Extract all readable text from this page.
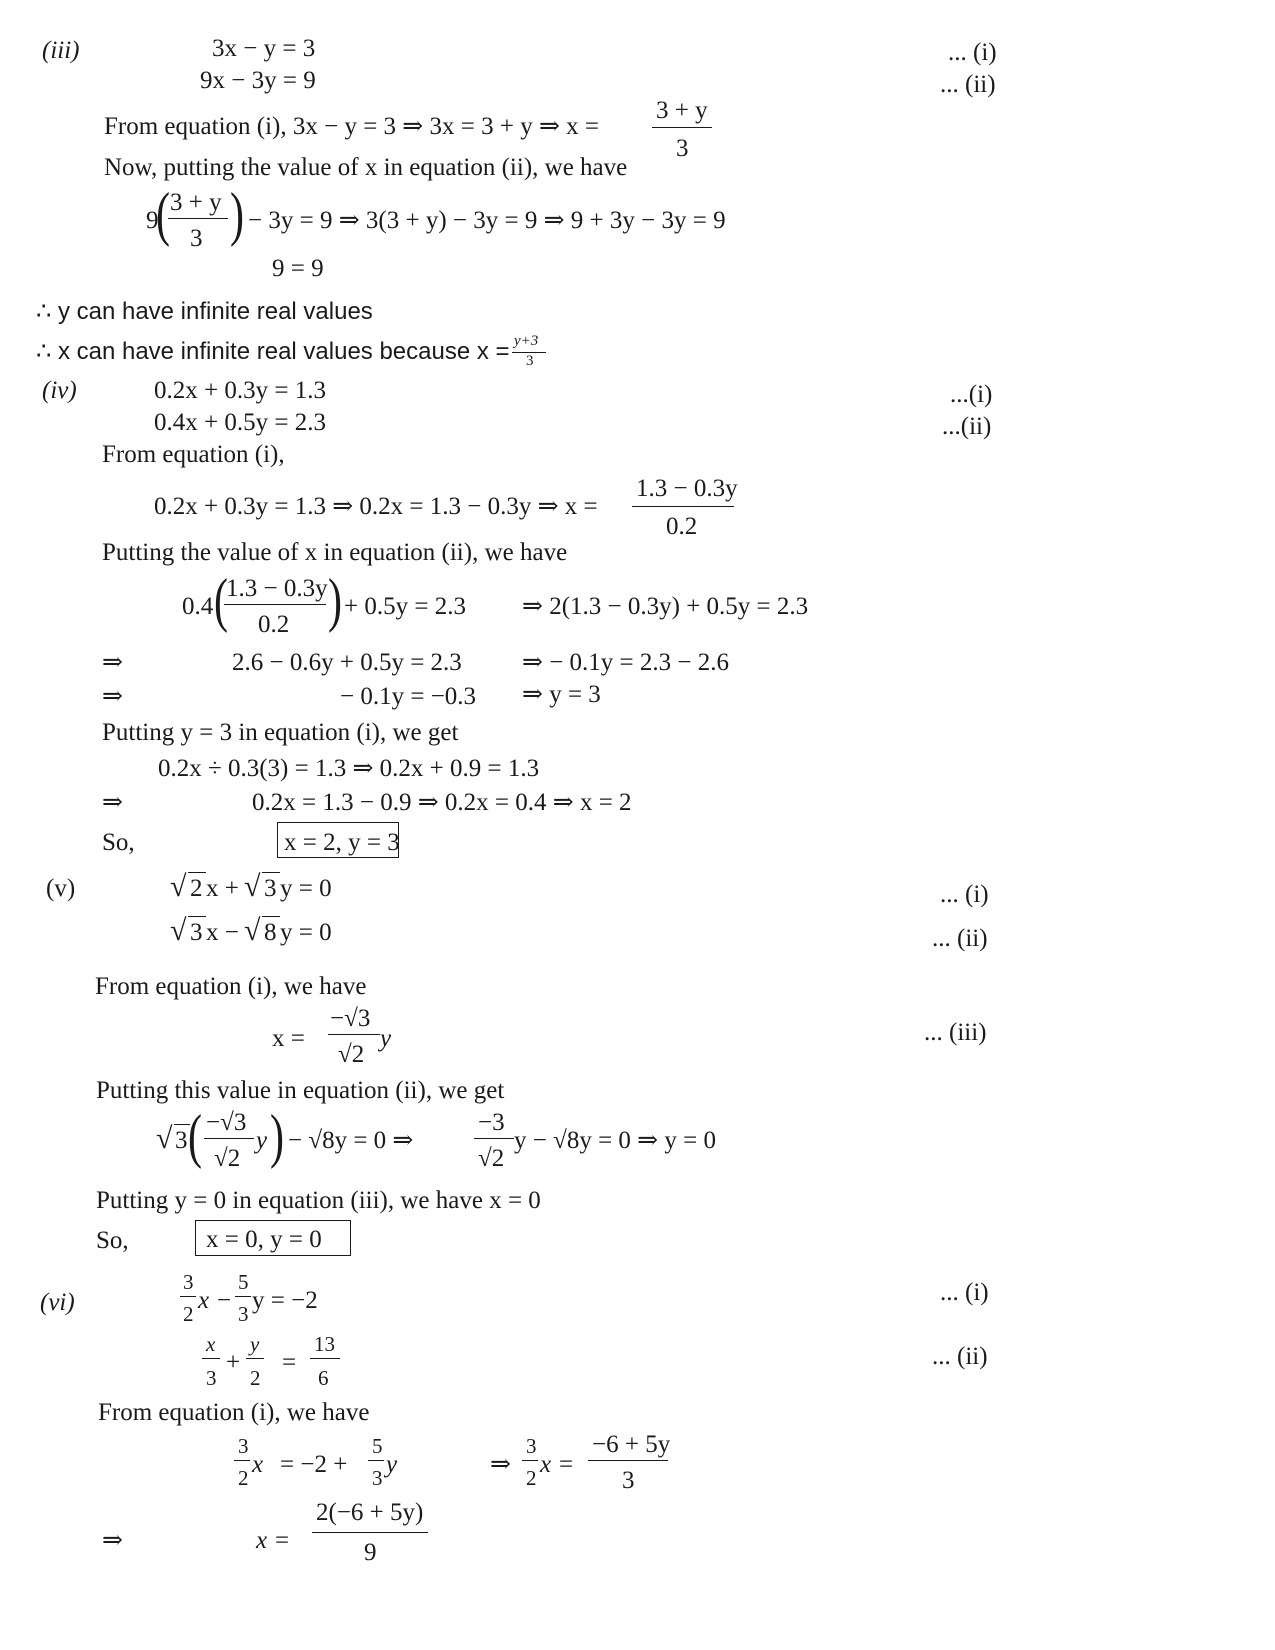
(iii)	3x − y = 3	... (i)
9x − 3y = 9	... (ii)
From equation (i), 3x − y = 3 ⇒ 3x = 3 + y ⇒ x =
3 + y
3
Now, putting the value of x in equation (ii), we have
9
( 3 + y
3 ) − 3y = 9 ⇒ 3(3 + y) − 3y = 9 ⇒ 9 + 3y − 3y = 9
9 = 9
∴ y can have infinite real values
∴ x can have infinite real values because x = y+3
3
(iv)	0.2x + 0.3y = 1.3	...(i)
0.4x + 0.5y = 2.3	...(ii)
From equation (i),
0.2x + 0.3y = 1.3 ⇒ 0.2x = 1.3 − 0.3y ⇒ x =
1.3 − 0.3y
0.2
Putting the value of x in equation (ii), we have
0.4 (
1.3 − 0.3y
0.2 ) + 0.5y = 2.3 ⇒ 2(1.3 − 0.3y) + 0.5y = 2.3
⇒	2.6 − 0.6y + 0.5y = 2.3 ⇒ − 0.1y = 2.3 − 2.6
⇒	− 0.1y = −0.3 ⇒ y = 3
Putting y = 3 in equation (i), we get
0.2x ÷ 0.3(3) = 1.3 ⇒ 0.2x + 0.9 = 1.3
⇒	0.2x = 1.3 − 0.9 ⇒ 0.2x = 0.4 ⇒ x = 2
So,	x = 2, y = 3
(v)	√ 2 x + √ 3 y = 0	... (i)
√ 3 x − √ 8 y = 0	... (ii)
From equation (i), we have
x =
−√3
√2
y	... (iii)
Putting this value in equation (ii), we get
√ 3 ( −√3
√2
y ) − √8y = 0 ⇒
−3
√2
y − √8y = 0 ⇒ y = 0
Putting y = 0 in equation (iii), we have x = 0
So,	x = 0, y = 0
(vi)
3
2 x −
5
3 y = −2	... (i)
x
3
+
y
2
=
13
6
... (ii)
From equation (i), we have
3
2 x = −2 +
5
3 y	⇒
3
2 x =
−6 + 5y
3
⇒	x =
2(−6 + 5y)
9
